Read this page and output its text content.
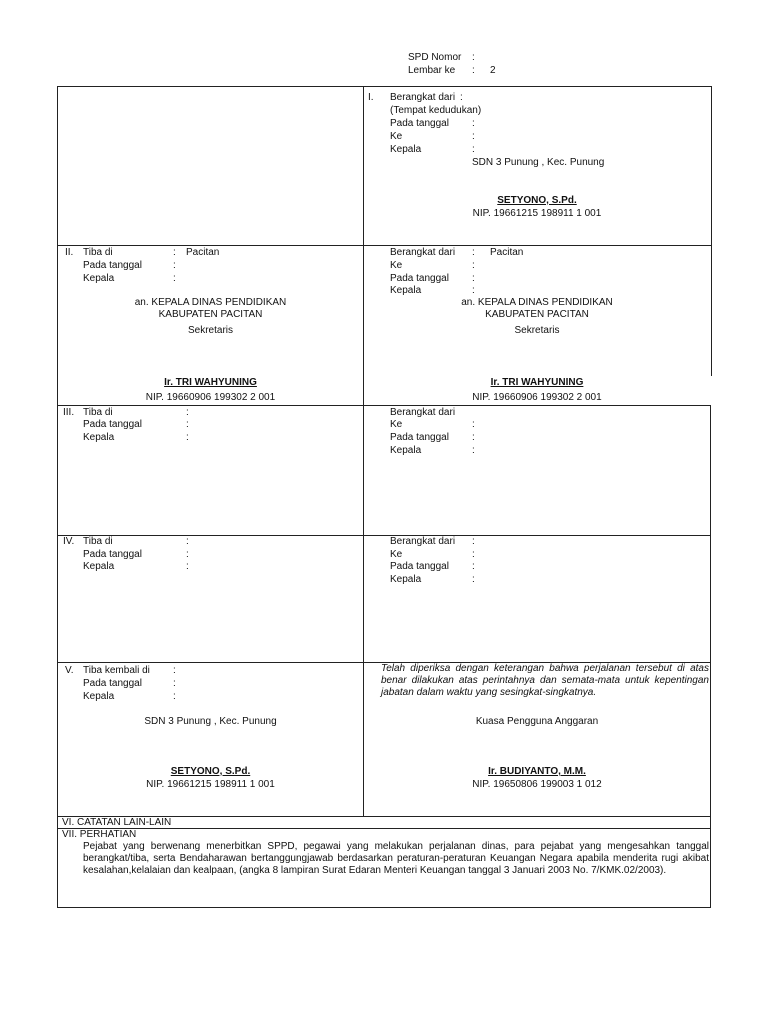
SPD Nomor :
Lembar ke : 2
I. Berangkat dari :
(Tempat kedudukan)
Pada tanggal :
Ke	:
Kepala	:
SDN 3 Punung , Kec. Punung
SETYONO, S.Pd.
NIP. 19661215 198911 1 001
II. Tiba di	: Pacitan
Pada tanggal	:
Kepala	:
an. KEPALA DINAS PENDIDIKAN
KABUPATEN PACITAN
Sekretaris
Ir. TRI WAHYUNING
NIP. 19660906 199302 2 001
Berangkat dari : Pacitan
Ke	:
Pada tanggal :
Kepala	:
an. KEPALA DINAS PENDIDIKAN
KABUPATEN PACITAN
Sekretaris
Ir. TRI WAHYUNING
NIP. 19660906 199302 2 001
III. Tiba di	:
Pada tanggal	:
Kepala	:
Berangkat dari
Ke	:
Pada tanggal :
Kepala	:
IV. Tiba di	:
Pada tanggal	:
Kepala	:
Berangkat dari :
Ke	:
Pada tanggal :
Kepala	:
V. Tiba kembali di :
Pada tanggal	:
Kepala	:
SDN 3 Punung , Kec. Punung
SETYONO, S.Pd.
NIP. 19661215 198911 1 001
Telah diperiksa dengan keterangan bahwa perjalanan tersebut di atas benar dilakukan atas perintahnya dan semata-mata untuk kepentingan jabatan dalam waktu yang sesingkat-singkatnya.
Kuasa Pengguna Anggaran
Ir. BUDIYANTO, M.M.
NIP. 19650806 199003 1 012
VI. CATATAN LAIN-LAIN
VII. PERHATIAN
Pejabat yang berwenang menerbitkan SPPD, pegawai yang melakukan perjalanan dinas, para pejabat yang mengesahkan tanggal berangkat/tiba, serta Bendaharawan bertanggungjawab berdasarkan peraturan-peraturan Keuangan Negara apabila menderita rugi akibat kesalahan,kelalaian dan kealpaan, (angka 8 lampiran Surat Edaran Menteri Keuangan tanggal 3 Januari 2003 No. 7/KMK.02/2003).
